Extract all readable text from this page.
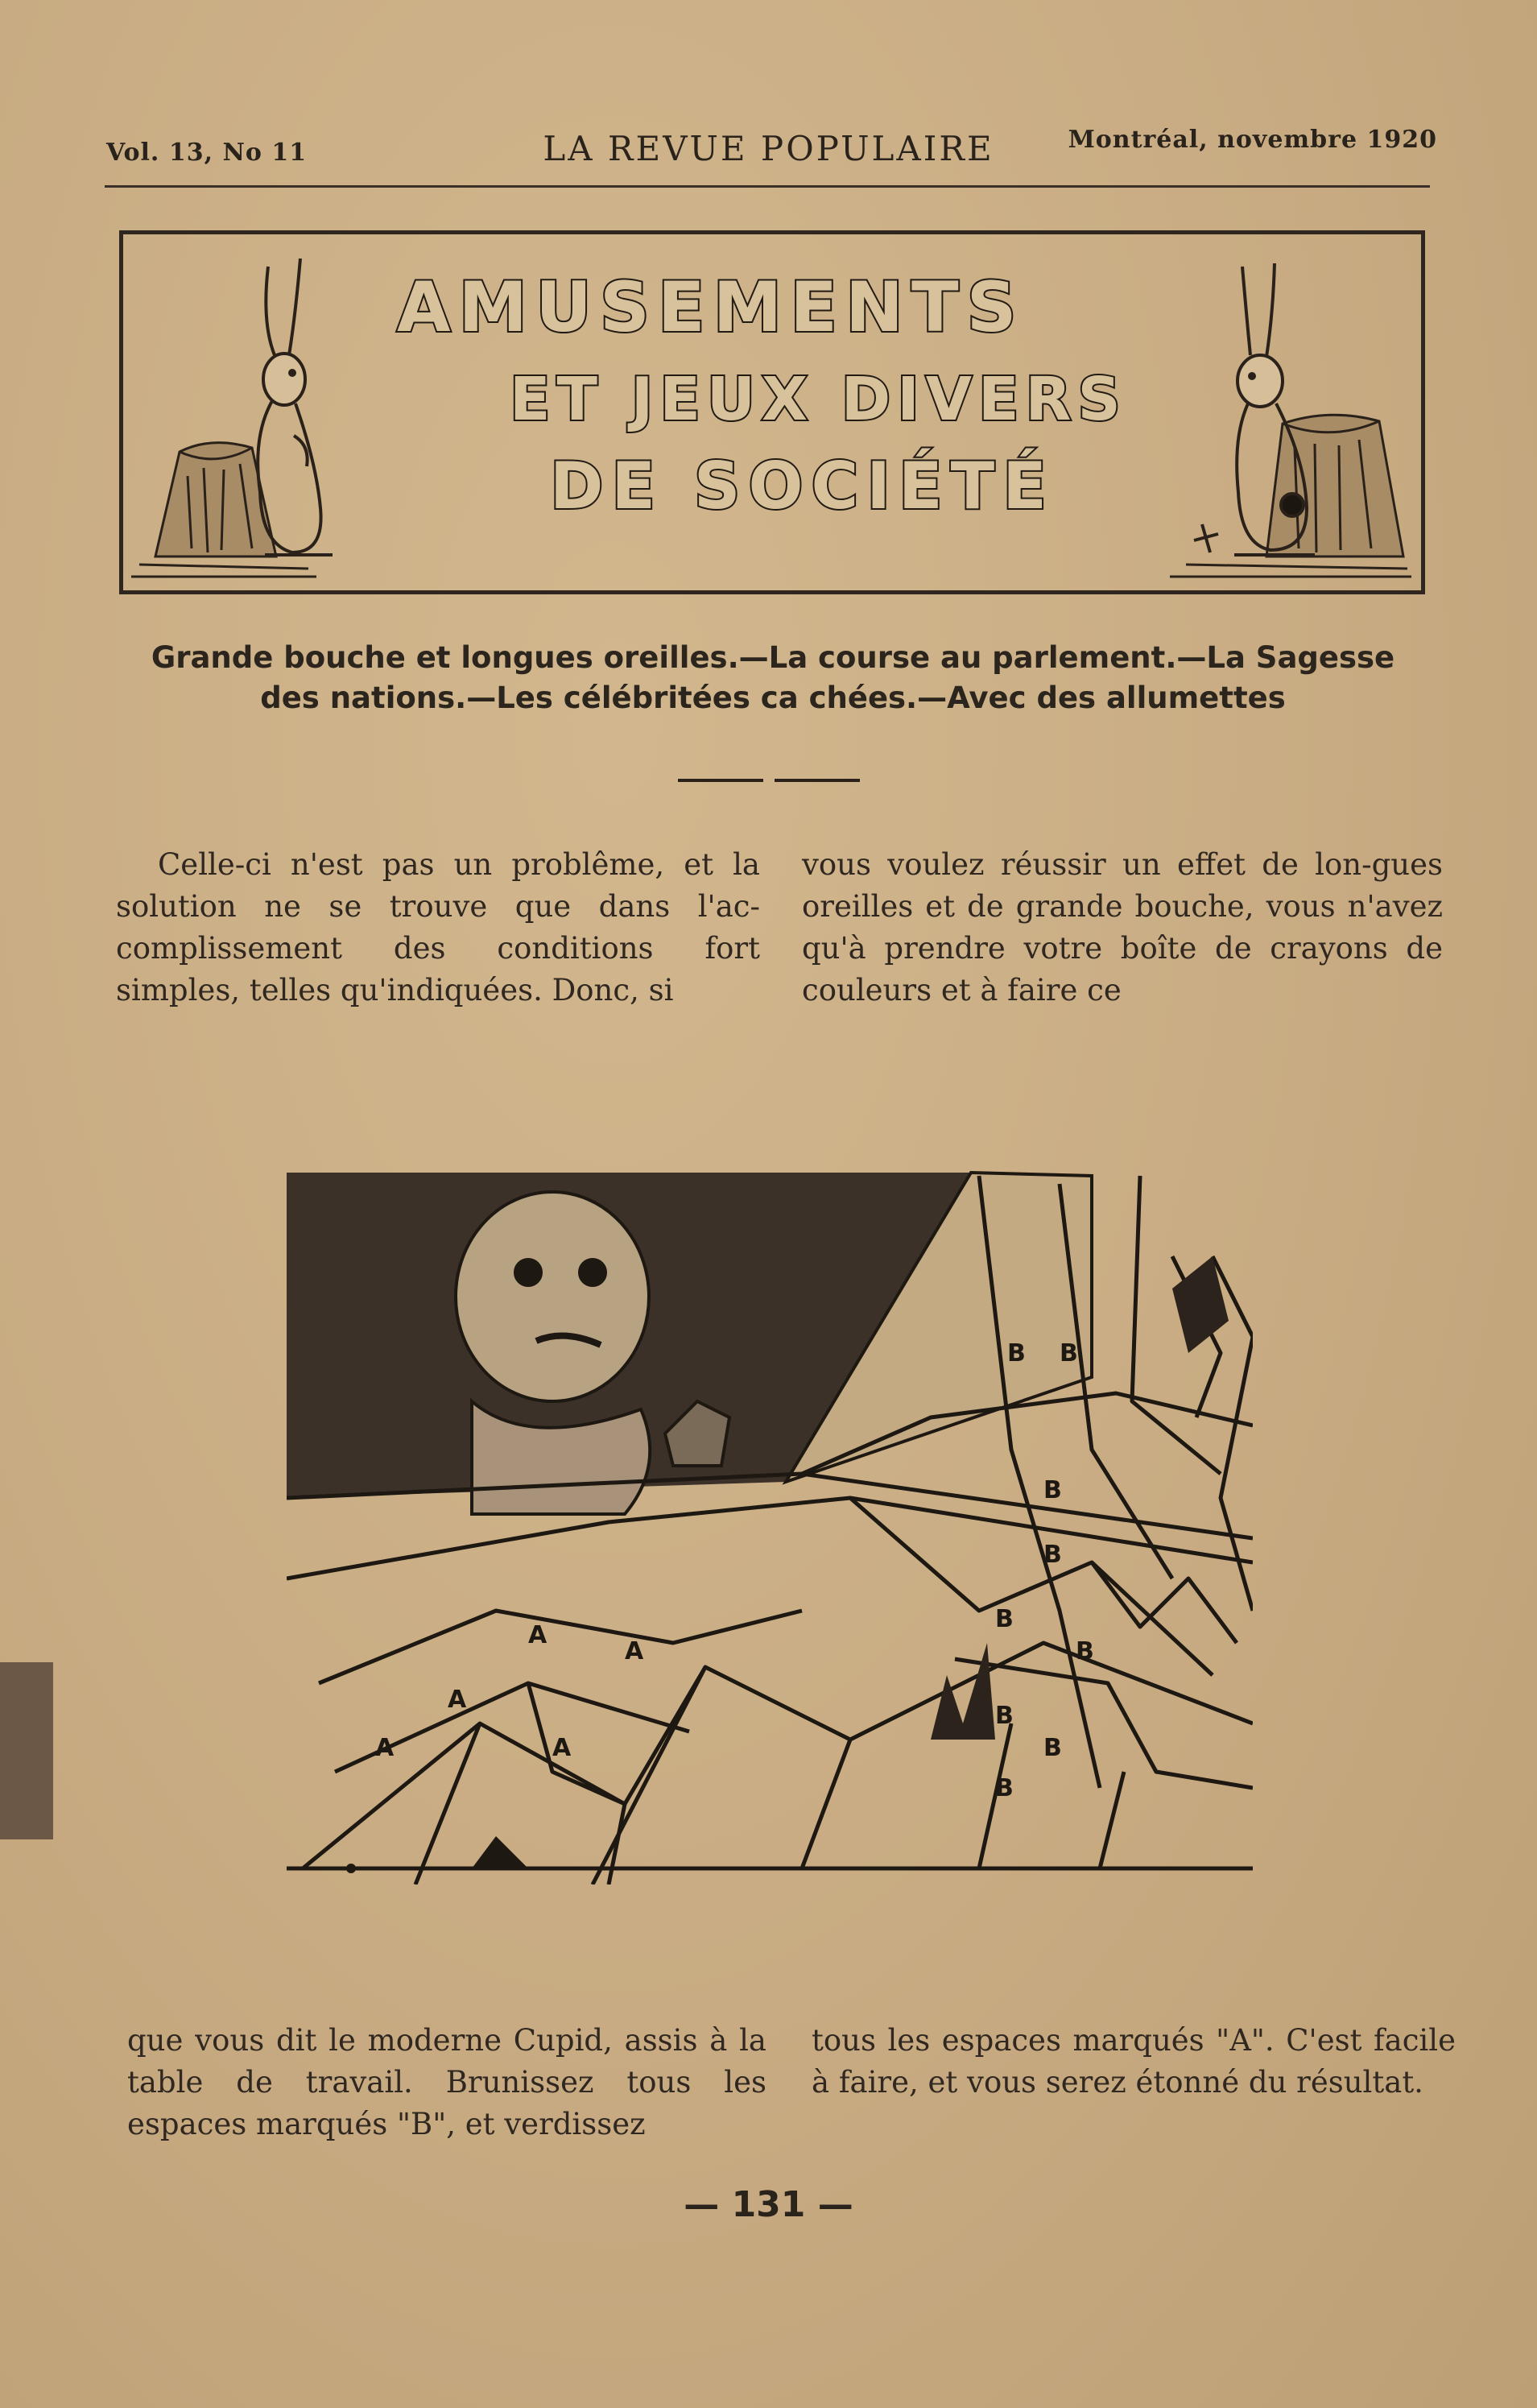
Vol. 13, No 11	LA REVUE POPULAIRE	Montréal, novembre 1920
AMUSEMENTS
ET JEUX DIVERS
DE SOCIÉTÉ
Grande bouche et longues oreilles.—La course au parlement.—La Sagesse
des nations.—Les célébritées ca chées.—Avec des allumettes

Celle-ci n'est pas un problême, et la solution ne se trouve que dans l'ac-complissement des conditions fort simples, telles qu'indiquées. Donc, si

vous voulez réussir un effet de lon-gues oreilles et de grande bouche, vous n'avez qu'à prendre votre boîte de crayons de couleurs et à faire ce

A
A
A
A
A
B B
B
B
B
B
B
B
B

que vous dit le moderne Cupid, assis à la table de travail. Brunissez tous les espaces marqués "B", et verdissez

tous les espaces marqués "A". C'est facile à faire, et vous serez étonné du résultat.

— 131 —
